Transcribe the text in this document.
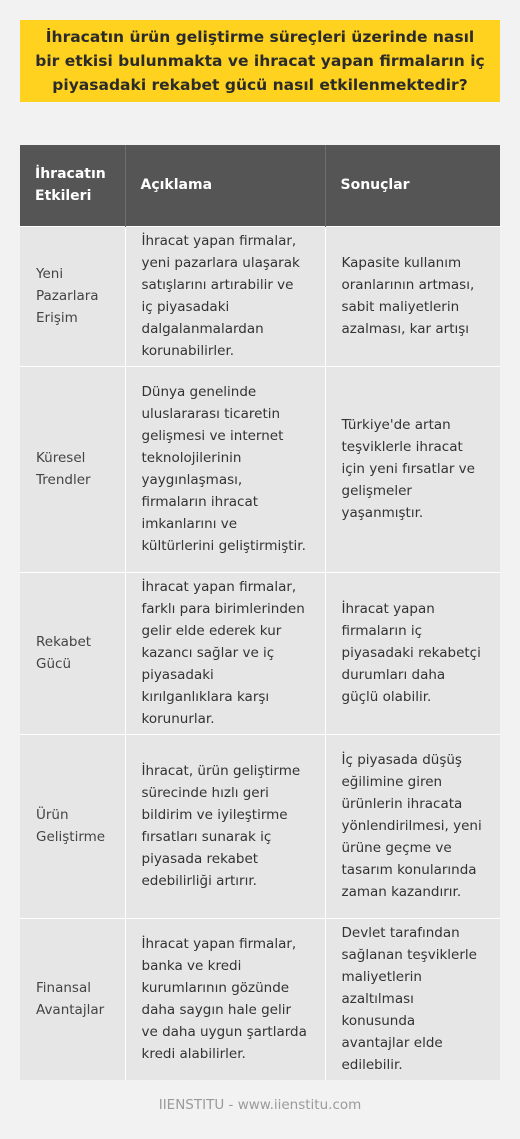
İhracatın ürün geliştirme süreçleri üzerinde nasıl bir etkisi bulunmakta ve ihracat yapan firmaların iç piyasadaki rekabet gücü nasıl etkilenmektedir?
İhracatın Etkileri	Açıklama	Sonuçlar
Yeni Pazarlara Erişim	İhracat yapan firmalar, yeni pazarlara ulaşarak satışlarını artırabilir ve iç piyasadaki dalgalanmalardan korunabilirler.	Kapasite kullanım oranlarının artması, sabit maliyetlerin azalması, kar artışı
Küresel Trendler	Dünya genelinde uluslararası ticaretin gelişmesi ve internet teknolojilerinin yaygınlaşması, firmaların ihracat imkanlarını ve kültürlerini geliştirmiştir.	Türkiye'de artan teşviklerle ihracat için yeni fırsatlar ve gelişmeler yaşanmıştır.
Rekabet Gücü	İhracat yapan firmalar, farklı para birimlerinden gelir elde ederek kur kazancı sağlar ve iç piyasadaki kırılganlıklara karşı korunurlar.	İhracat yapan firmaların iç piyasadaki rekabetçi durumları daha güçlü olabilir.
Ürün Geliştirme	İhracat, ürün geliştirme sürecinde hızlı geri bildirim ve iyileştirme fırsatları sunarak iç piyasada rekabet edebilirliği artırır.	İç piyasada düşüş eğilimine giren ürünlerin ihracata yönlendirilmesi, yeni ürüne geçme ve tasarım konularında zaman kazandırır.
Finansal Avantajlar	İhracat yapan firmalar, banka ve kredi kurumlarının gözünde daha saygın hale gelir ve daha uygun şartlarda kredi alabilirler.	Devlet tarafından sağlanan teşviklerle maliyetlerin azaltılması konusunda avantajlar elde edilebilir.
IIENSTITU - www.iienstitu.com
